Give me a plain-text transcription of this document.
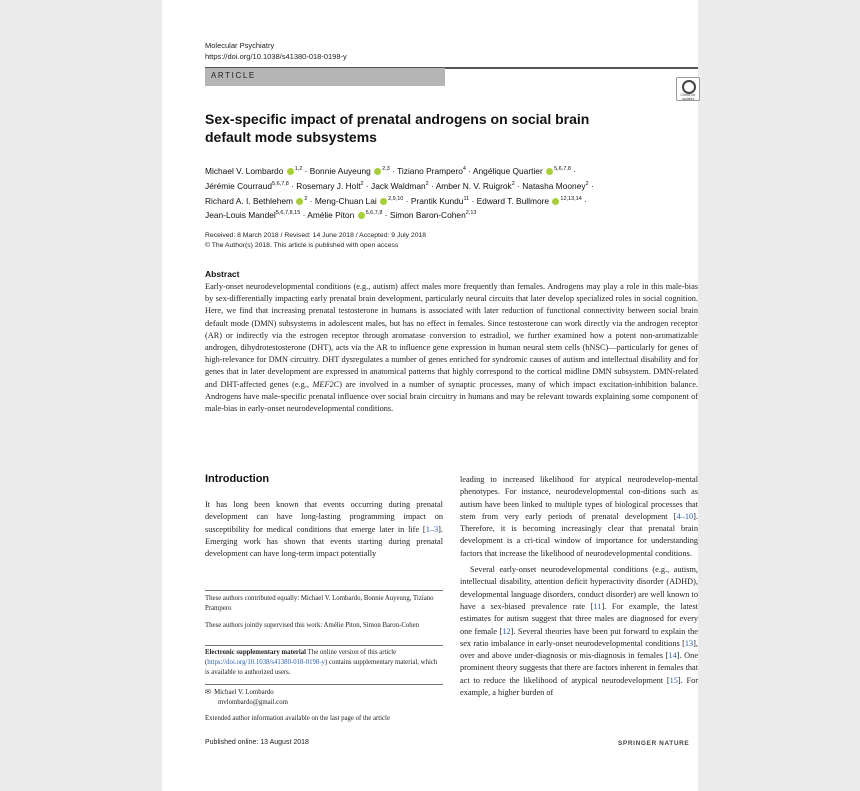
Molecular Psychiatry
https://doi.org/10.1038/s41380-018-0198-y
ARTICLE
Check for updates
Sex-specific impact of prenatal androgens on social brain default mode subsystems
Michael V. Lombardo $^{1,2}$ · Bonnie Auyeung $^{2,3}$ · Tiziano Prampero$^4$ · Angélique Quartier $^{5,6,7,8}$ ·
Jérémie Courraud$^{5,6,7,8}$ · Rosemary J. Holt$^2$ · Jack Waldman$^2$ · Amber N. V. Ruigrok$^2$ · Natasha Mooney$^2$ ·
Richard A. I. Bethlehem $^2$ · Meng-Chuan Lai $^{2,9,10}$ · Prantik Kundu$^{11}$ · Edward T. Bullmore $^{12,13,14}$ ·
Jean-Louis Mandel$^{5,6,7,8,15}$ · Amélie Piton $^{5,6,7,8}$ · Simon Baron-Cohen$^{2,13}$
Received: 8 March 2018 / Revised: 14 June 2018 / Accepted: 9 July 2018
© The Author(s) 2018. This article is published with open access
Abstract
Early-onset neurodevelopmental conditions (e.g., autism) affect males more frequently than females. Androgens may play a role in this male-bias by sex-differentially impacting early prenatal brain development, particularly neural circuits that later develop specialized roles in social cognition. Here, we find that increasing prenatal testosterone in humans is associated with later reduction of functional connectivity between social brain default mode (DMN) subsystems in adolescent males, but has no effect in females. Since testosterone can work directly via the androgen receptor (AR) or indirectly via the estrogen receptor through aromatase conversion to estradiol, we further examined how a potent non-aromatizable androgen, dihydrotestosterone (DHT), acts via the AR to influence gene expression in human neural stem cells (hNSC)—particularly for genes of high-relevance for DMN circuitry. DHT dysregulates a number of genes enriched for syndromic causes of autism and intellectual disability and for genes that in later development are expressed in anatomical patterns that highly correspond to the cortical midline DMN subsystem. DMN-related and DHT-affected genes (e.g., MEF2C) are involved in a number of synaptic processes, many of which impact excitation-inhibition balance. Androgens have male-specific prenatal influence over social brain circuitry in humans and may be relevant towards explaining some component of male-bias in early-onset neurodevelopmental conditions.
Introduction
It has long been known that events occurring during prenatal development can have long-lasting programming impact on susceptibility for medical conditions that emerge later in life [1–3]. Emerging work has shown that events starting during prenatal development can have long-term impact potentially

leading to increased likelihood for atypical neurodevelop-mental phenotypes. For instance, neurodevelopmental con-ditions such as autism have been linked to multiple types of biological processes that stem from very early periods of prenatal development [4–10]. Therefore, it is becoming increasingly clear that prenatal brain development is a cri-tical window of importance for understanding factors that increase the likelihood of neurodevelopmental conditions.

Several early-onset neurodevelopmental conditions (e.g., autism, intellectual disability, attention deficit hyperactivity disorder (ADHD), developmental language disorders, conduct disorder) are well known to have a sex-biased prevalence rate [11]. For example, the latest estimates for autism suggest that three males are diagnosed for every one female [12]. Several theories have been put forward to explain the sex ratio imbalance in early-onset neurodevelopmental conditions [13], over and above under-diagnosis or mis-diagnosis in females [14]. One prominent theory suggests that there are factors inherent in females that act to reduce the likelihood of atypical neurodevelopment [15]. For example, a higher burden of

These authors contributed equally: Michael V. Lombardo, Bonnie Auyeung, Tiziano Prampero
These authors jointly supervised this work: Amélie Piton, Simon Baron-Cohen
Electronic supplementary material The online version of this article (https://doi.org/10.1038/s41380-018-0198-y) contains supplementary material, which is available to authorized users.
✉ Michael V. Lombardo
mvlombardo@gmail.com
Extended author information available on the last page of the article
Published online: 13 August 2018	SPRINGER NATURE
